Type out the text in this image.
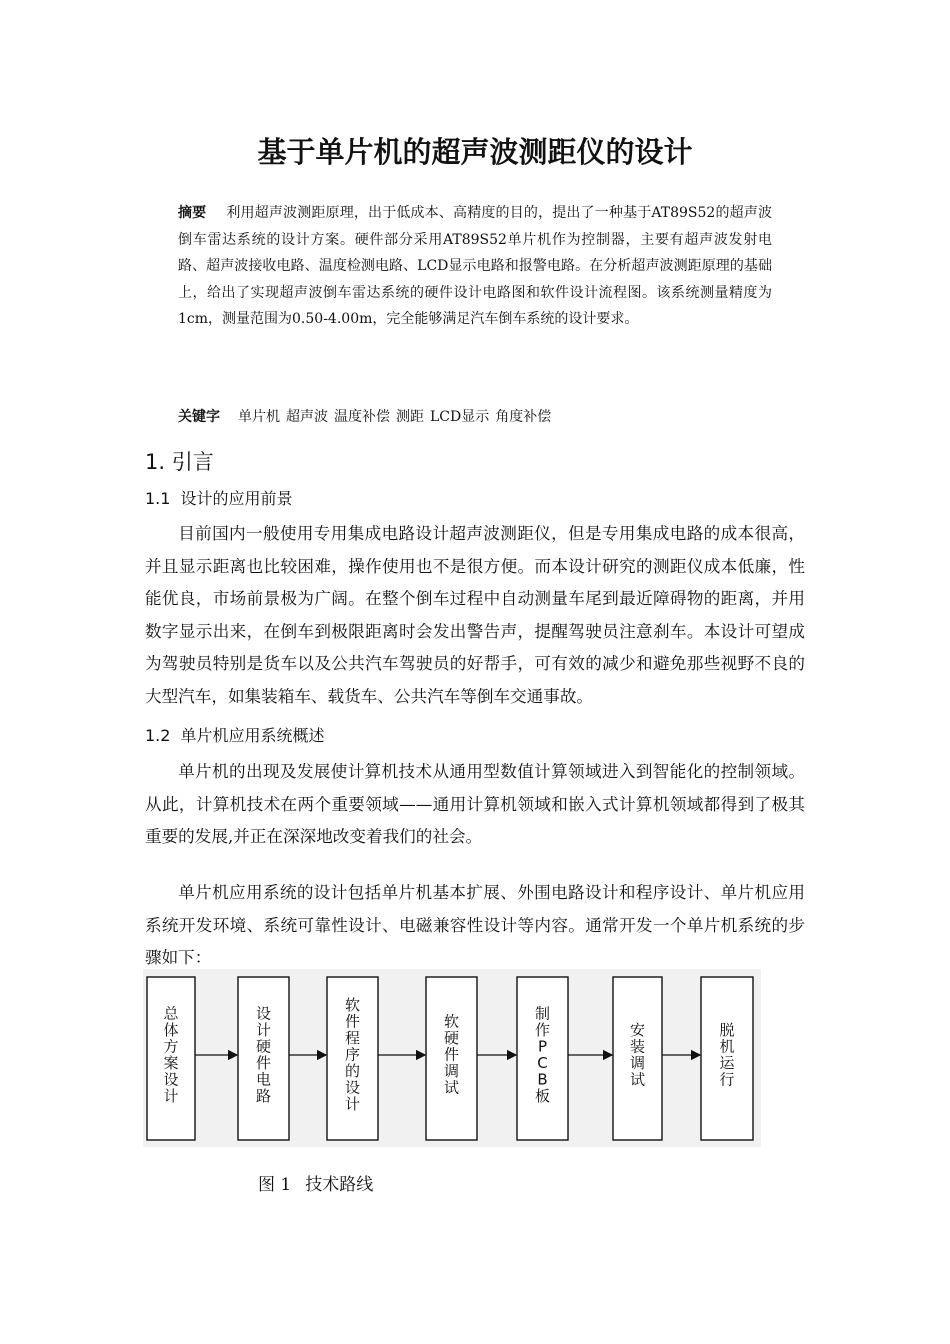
基于单片机的超声波测距仪的设计

摘要 利用超声波测距原理，出于低成本、高精度的目的，提出了一种基于AT89S52的超声波倒车雷达系统的设计方案。硬件部分采用AT89S52单片机作为控制器，主要有超声波发射电路、超声波接收电路、温度检测电路、LCD显示电路和报警电路。在分析超声波测距原理的基础上，给出了实现超声波倒车雷达系统的硬件设计电路图和软件设计流程图。该系统测量精度为1cm，测量范围为0.50-4.00m，完全能够满足汽车倒车系统的设计要求。

关键字 单片机 超声波 温度补偿 测距 LCD显示 角度补偿

1. 引言
1.1 设计的应用前景

目前国内一般使用专用集成电路设计超声波测距仪，但是专用集成电路的成本很高，并且显示距离也比较困难，操作使用也不是很方便。而本设计研究的测距仪成本低廉，性能优良，市场前景极为广阔。在整个倒车过程中自动测量车尾到最近障碍物的距离，并用数字显示出来，在倒车到极限距离时会发出警告声，提醒驾驶员注意刹车。本设计可望成为驾驶员特别是货车以及公共汽车驾驶员的好帮手，可有效的减少和避免那些视野不良的大型汽车，如集装箱车、载货车、公共汽车等倒车交通事故。

1.2 单片机应用系统概述

单片机的出现及发展使计算机技术从通用型数值计算领域进入到智能化的控制领域。从此，计算机技术在两个重要领域——通用计算机领域和嵌入式计算机领域都得到了极其重要的发展,并正在深深地改变着我们的社会。

单片机应用系统的设计包括单片机基本扩展、外围电路设计和程序设计、单片机应用系统开发环境、系统可靠性设计、电磁兼容性设计等内容。通常开发一个单片机系统的步骤如下：

总
体
方
案
设
计
设
计
硬
件
电
路
软
件
程
序
的
设
计
软
硬
件
调
试
制
作
P
C
B
板
安
装
调
试
脱
机
运
行

图 1 技术路线
